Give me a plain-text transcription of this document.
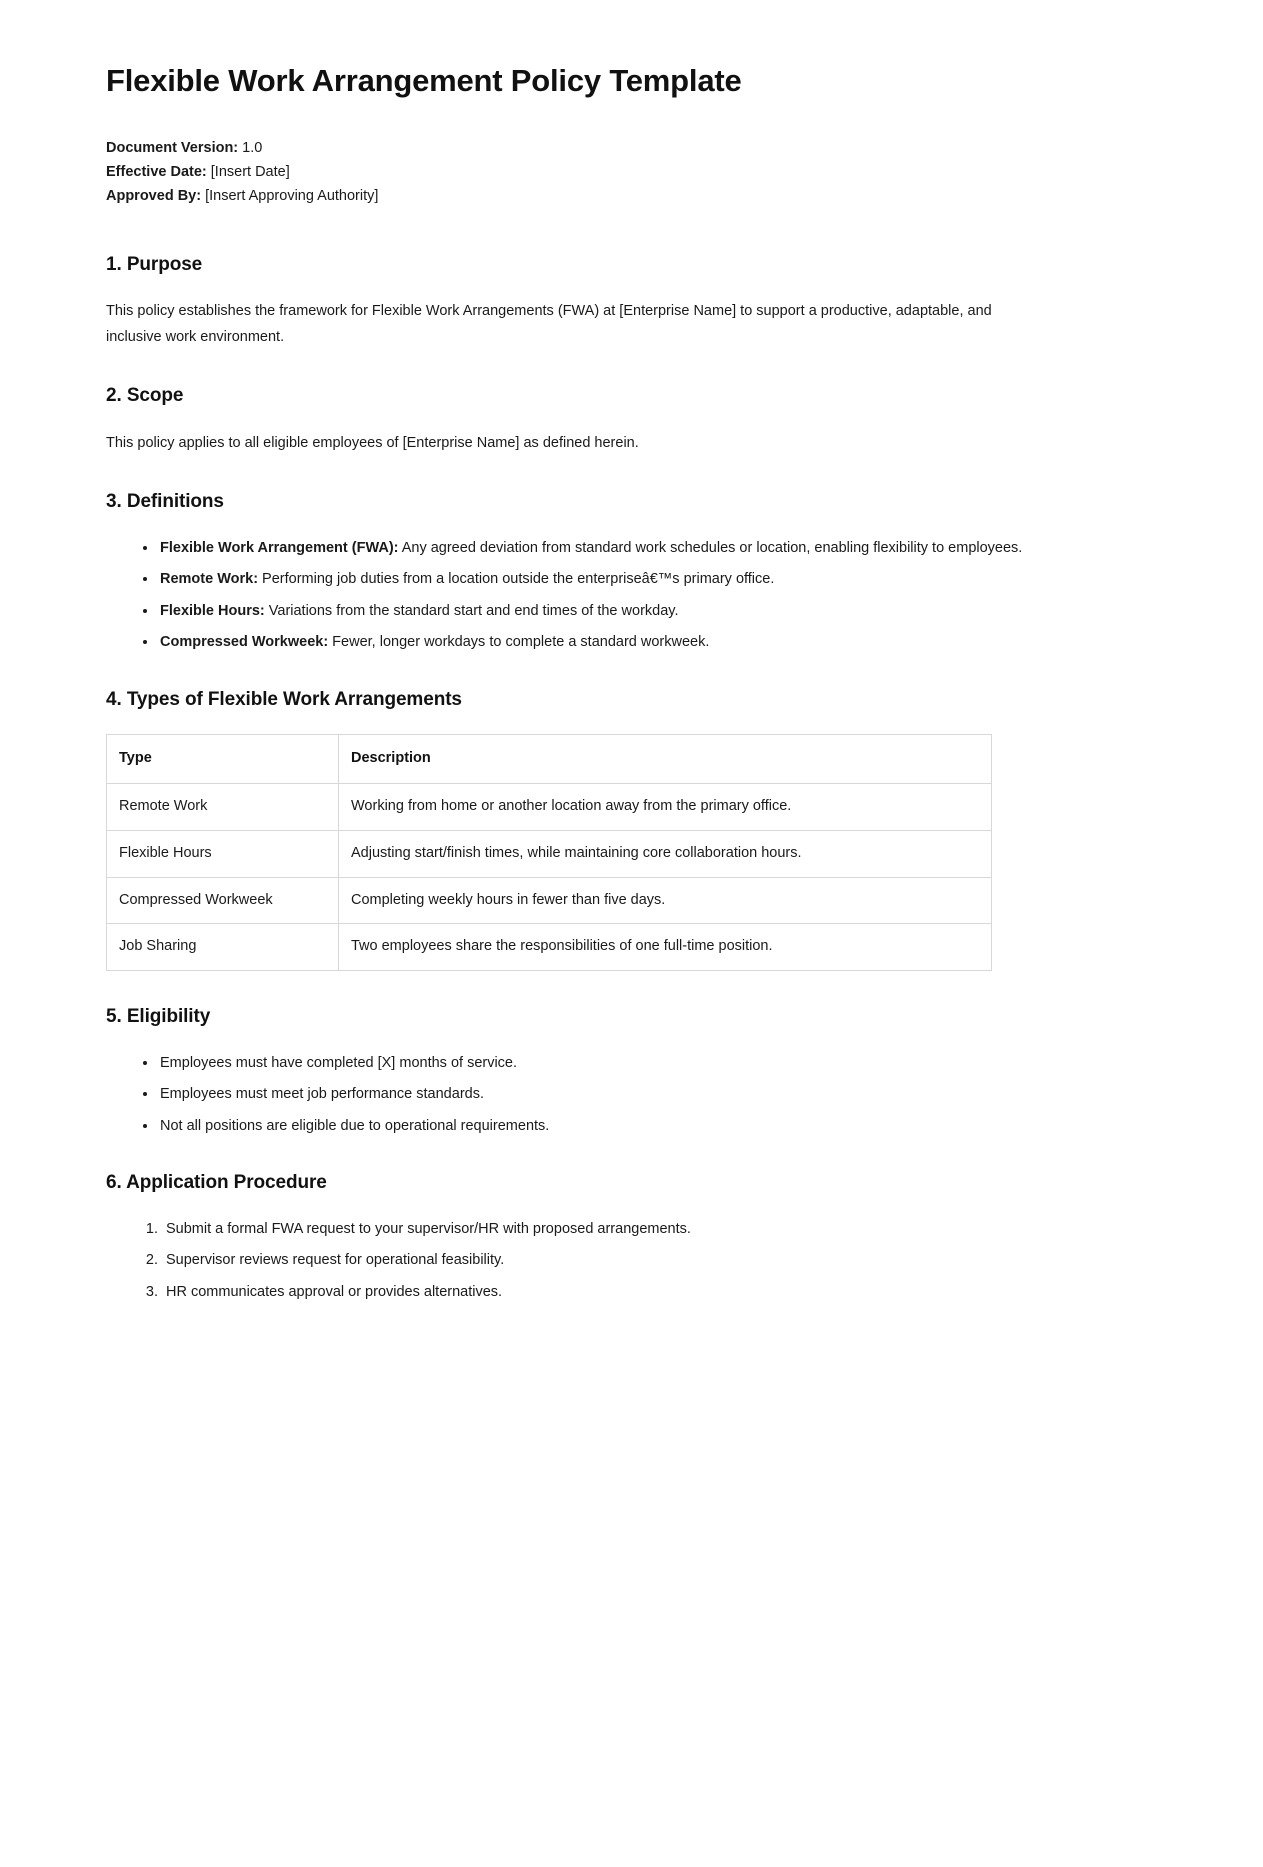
Flexible Work Arrangement Policy Template

Document Version: 1.0

Effective Date: [Insert Date]

Approved By: [Insert Approving Authority]

1. Purpose

This policy establishes the framework for Flexible Work Arrangements (FWA) at [Enterprise Name] to support a productive, adaptable, and inclusive work environment.

2. Scope

This policy applies to all eligible employees of [Enterprise Name] as defined herein.

3. Definitions
• Flexible Work Arrangement (FWA): Any agreed deviation from standard work schedules or location, enabling flexibility to employees.
• Remote Work: Performing job duties from a location outside the enterpriseâ€™s primary office.
• Flexible Hours: Variations from the standard start and end times of the workday.
• Compressed Workweek: Fewer, longer workdays to complete a standard workweek.
4. Types of Flexible Work Arrangements
Type	Description
Remote Work	Working from home or another location away from the primary office.
Flexible Hours	Adjusting start/finish times, while maintaining core collaboration hours.
Compressed Workweek	Completing weekly hours in fewer than five days.
Job Sharing	Two employees share the responsibilities of one full-time position.
5. Eligibility
• Employees must have completed [X] months of service.
• Employees must meet job performance standards.
• Not all positions are eligible due to operational requirements.
6. Application Procedure
1. Submit a formal FWA request to your supervisor/HR with proposed arrangements.
2. Supervisor reviews request for operational feasibility.
3. HR communicates approval or provides alternatives.
